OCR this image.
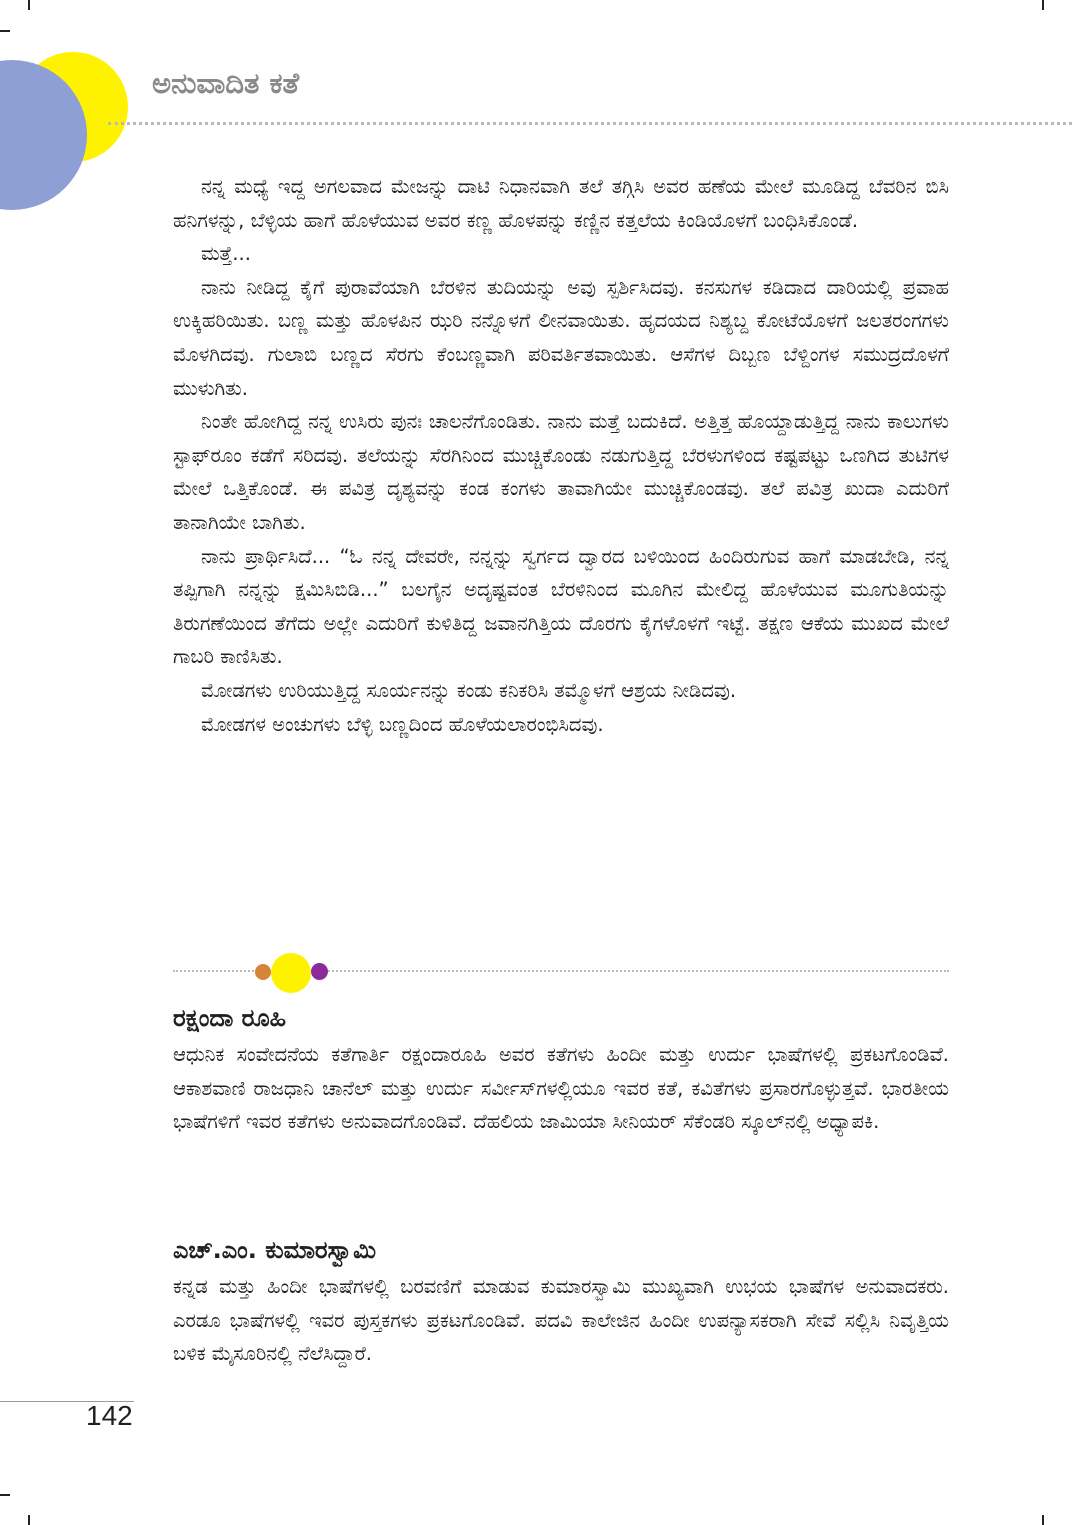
ಅನುವಾದಿತ ಕತೆ

ನನ್ನ ಮಧ್ಯೆ ಇದ್ದ ಅಗಲವಾದ ಮೇಜನ್ನು ದಾಟಿ ನಿಧಾನವಾಗಿ ತಲೆ ತಗ್ಗಿಸಿ ಅವರ ಹಣೆಯ ಮೇಲೆ ಮೂಡಿದ್ದ ಬೆವರಿನ ಬಿಸಿ ಹನಿಗಳನ್ನು, ಬೆಳ್ಳಿಯ ಹಾಗೆ ಹೊಳೆಯುವ ಅವರ ಕಣ್ಣ ಹೊಳಪನ್ನು ಕಣ್ಣಿನ ಕತ್ತಲೆಯ ಕಿಂಡಿಯೊಳಗೆ ಬಂಧಿಸಿಕೊಂಡೆ.

ಮತ್ತೆ...

ನಾನು ನೀಡಿದ್ದ ಕೈಗೆ ಪುರಾವೆಯಾಗಿ ಬೆರಳಿನ ತುದಿಯನ್ನು ಅವು ಸ್ಪರ್ಶಿಸಿದವು. ಕನಸುಗಳ ಕಡಿದಾದ ದಾರಿಯಲ್ಲಿ ಪ್ರವಾಹ ಉಕ್ಕಿಹರಿಯಿತು. ಬಣ್ಣ ಮತ್ತು ಹೊಳಪಿನ ಝರಿ ನನ್ನೊಳಗೆ ಲೀನವಾಯಿತು. ಹೃದಯದ ನಿಶ್ಯಬ್ದ ಕೋಟೆಯೊಳಗೆ ಜಲತರಂಗಗಳು ಮೊಳಗಿದವು. ಗುಲಾಬಿ ಬಣ್ಣದ ಸೆರಗು ಕೆಂಬಣ್ಣವಾಗಿ ಪರಿವರ್ತಿತವಾಯಿತು. ಆಸೆಗಳ ದಿಬ್ಬಣ ಬೆಳ್ದಿಂಗಳ ಸಮುದ್ರದೊಳಗೆ ಮುಳುಗಿತು.

ನಿಂತೇ ಹೋಗಿದ್ದ ನನ್ನ ಉಸಿರು ಪುನಃ ಚಾಲನೆಗೊಂಡಿತು. ನಾನು ಮತ್ತೆ ಬದುಕಿದೆ. ಅತ್ತಿತ್ತ ಹೊಯ್ದಾಡುತ್ತಿದ್ದ ನಾನು ಕಾಲುಗಳು ಸ್ಟಾಫ್‌ರೂಂ ಕಡೆಗೆ ಸರಿದವು. ತಲೆಯನ್ನು ಸೆರಗಿನಿಂದ ಮುಚ್ಚಿಕೊಂಡು ನಡುಗುತ್ತಿದ್ದ ಬೆರಳುಗಳಿಂದ ಕಷ್ಟಪಟ್ಟು ಒಣಗಿದ ತುಟಿಗಳ ಮೇಲೆ ಒತ್ತಿಕೊಂಡೆ. ಈ ಪವಿತ್ರ ದೃಶ್ಯವನ್ನು ಕಂಡ ಕಂಗಳು ತಾವಾಗಿಯೇ ಮುಚ್ಚಿಕೊಂಡವು. ತಲೆ ಪವಿತ್ರ ಖುದಾ ಎದುರಿಗೆ ತಾನಾಗಿಯೇ ಬಾಗಿತು.

ನಾನು ಪ್ರಾರ್ಥಿಸಿದೆ... “ಓ ನನ್ನ ದೇವರೇ, ನನ್ನನ್ನು ಸ್ವರ್ಗದ ದ್ವಾರದ ಬಳಿಯಿಂದ ಹಿಂದಿರುಗುವ ಹಾಗೆ ಮಾಡಬೇಡಿ, ನನ್ನ ತಪ್ಪಿಗಾಗಿ ನನ್ನನ್ನು ಕ್ಷಮಿಸಿಬಿಡಿ...” ಬಲಗೈನ ಅದೃಷ್ಟವಂತ ಬೆರಳಿನಿಂದ ಮೂಗಿನ ಮೇಲಿದ್ದ ಹೊಳೆಯುವ ಮೂಗುತಿಯನ್ನು ತಿರುಗಣೆಯಿಂದ ತೆಗೆದು ಅಲ್ಲೇ ಎದುರಿಗೆ ಕುಳಿತಿದ್ದ ಜವಾನಗಿತ್ತಿಯ ದೊರಗು ಕೈಗಳೊಳಗೆ ಇಟ್ಟೆ. ತಕ್ಷಣ ಆಕೆಯ ಮುಖದ ಮೇಲೆ ಗಾಬರಿ ಕಾಣಿಸಿತು.

ಮೋಡಗಳು ಉರಿಯುತ್ತಿದ್ದ ಸೂರ್ಯನನ್ನು ಕಂಡು ಕನಿಕರಿಸಿ ತಮ್ಮೊಳಗೆ ಆಶ್ರಯ ನೀಡಿದವು.

ಮೋಡಗಳ ಅಂಚುಗಳು ಬೆಳ್ಳಿ ಬಣ್ಣದಿಂದ ಹೊಳೆಯಲಾರಂಭಿಸಿದವು.

ರಕ್ಷಂದಾ ರೂಹಿ

ಆಧುನಿಕ ಸಂವೇದನೆಯ ಕತೆಗಾರ್ತಿ ರಕ್ಷಂದಾರೂಹಿ ಅವರ ಕತೆಗಳು ಹಿಂದೀ ಮತ್ತು ಉರ್ದು ಭಾಷೆಗಳಲ್ಲಿ ಪ್ರಕಟಗೊಂಡಿವೆ. ಆಕಾಶವಾಣಿ ರಾಜಧಾನಿ ಚಾನೆಲ್ ಮತ್ತು ಉರ್ದು ಸರ್ವೀಸ್‌ಗಳಲ್ಲಿಯೂ ಇವರ ಕತೆ, ಕವಿತೆಗಳು ಪ್ರಸಾರಗೊಳ್ಳುತ್ತವೆ. ಭಾರತೀಯ ಭಾಷೆಗಳಿಗೆ ಇವರ ಕತೆಗಳು ಅನುವಾದಗೊಂಡಿವೆ. ದೆಹಲಿಯ ಜಾಮಿಯಾ ಸೀನಿಯರ್ ಸೆಕೆಂಡರಿ ಸ್ಕೂಲ್‌ನಲ್ಲಿ ಅಧ್ಯಾಪಕಿ.

ಎಚ್.ಎಂ. ಕುಮಾರಸ್ವಾಮಿ

ಕನ್ನಡ ಮತ್ತು ಹಿಂದೀ ಭಾಷೆಗಳಲ್ಲಿ ಬರವಣಿಗೆ ಮಾಡುವ ಕುಮಾರಸ್ವಾಮಿ ಮುಖ್ಯವಾಗಿ ಉಭಯ ಭಾಷೆಗಳ ಅನುವಾದಕರು. ಎರಡೂ ಭಾಷೆಗಳಲ್ಲಿ ಇವರ ಪುಸ್ತಕಗಳು ಪ್ರಕಟಗೊಂಡಿವೆ. ಪದವಿ ಕಾಲೇಜಿನ ಹಿಂದೀ ಉಪನ್ಯಾಸಕರಾಗಿ ಸೇವೆ ಸಲ್ಲಿಸಿ ನಿವೃತ್ತಿಯ ಬಳಿಕ ಮೈಸೂರಿನಲ್ಲಿ ನೆಲೆಸಿದ್ದಾರೆ.

142
